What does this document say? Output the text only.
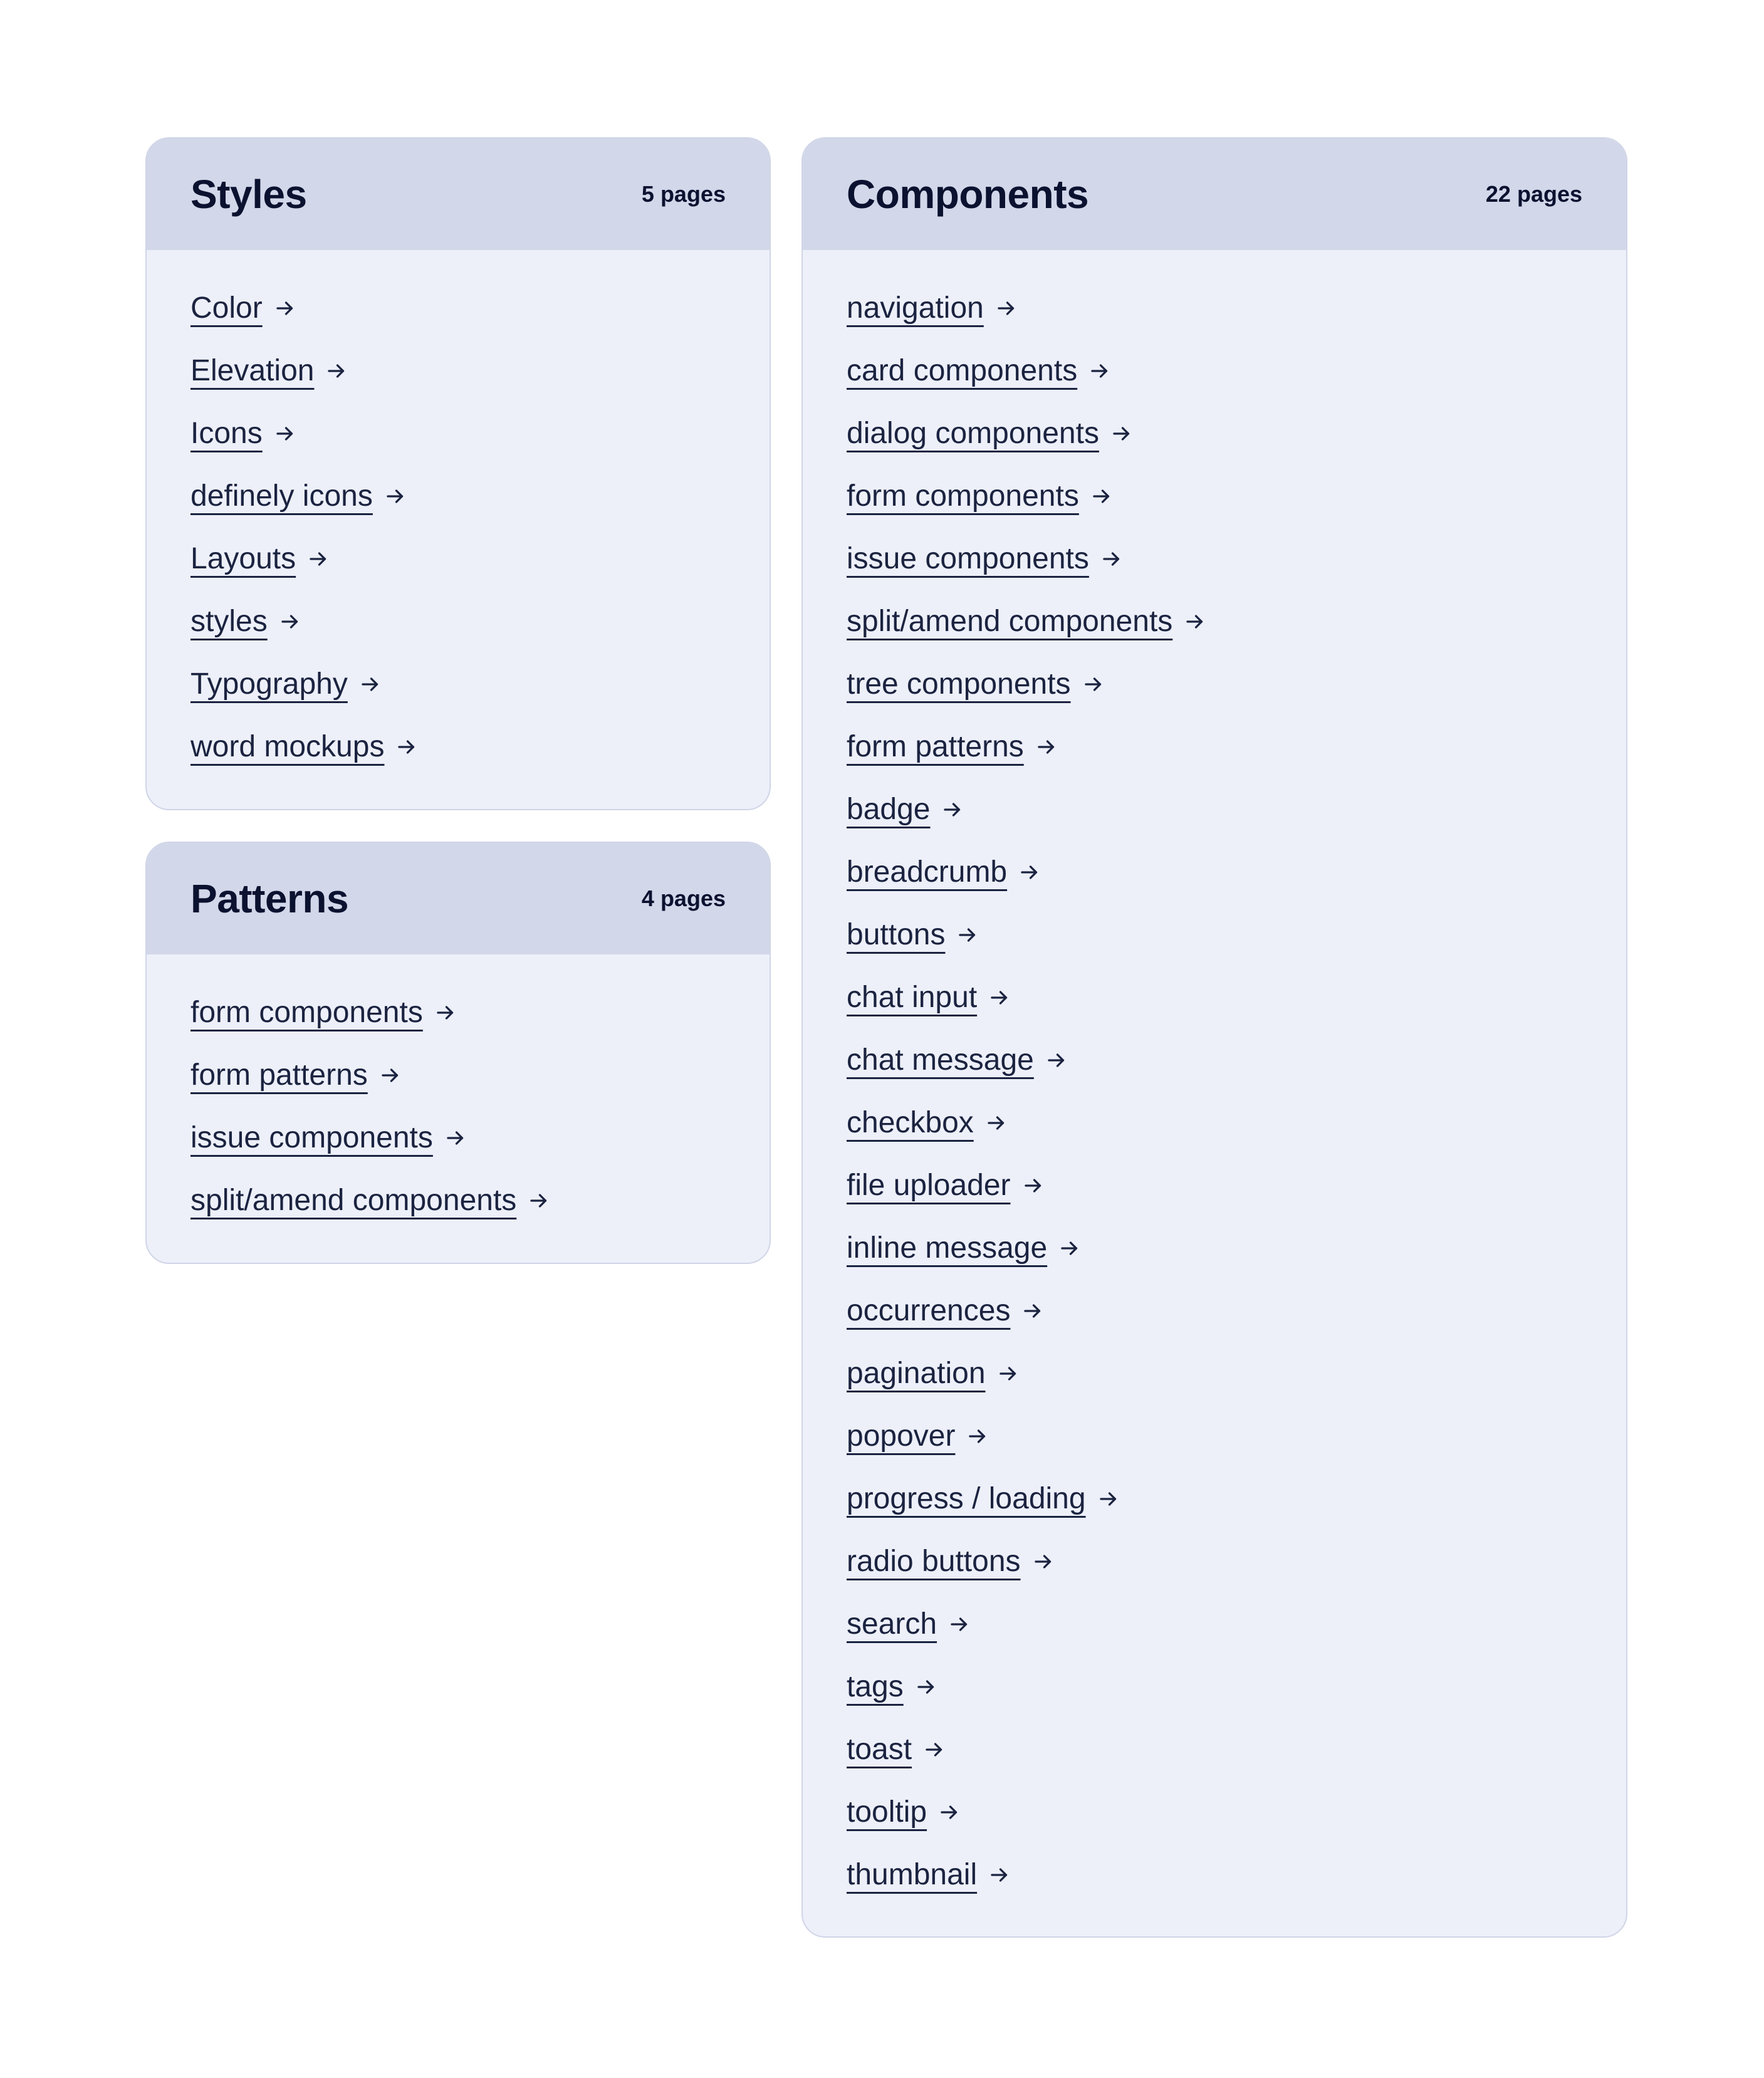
Styles	5 pages
Color
Elevation
Icons
definely icons
Layouts
styles
Typography
word mockups
Patterns	4 pages
form components
form patterns
issue components
split/amend components
Components	22 pages
navigation
card components
dialog components
form components
issue components
split/amend components
tree components
form patterns
badge
breadcrumb
buttons
chat input
chat message
checkbox
file uploader
inline message
occurrences
pagination
popover
progress / loading
radio buttons
search
tags
toast
tooltip
thumbnail
